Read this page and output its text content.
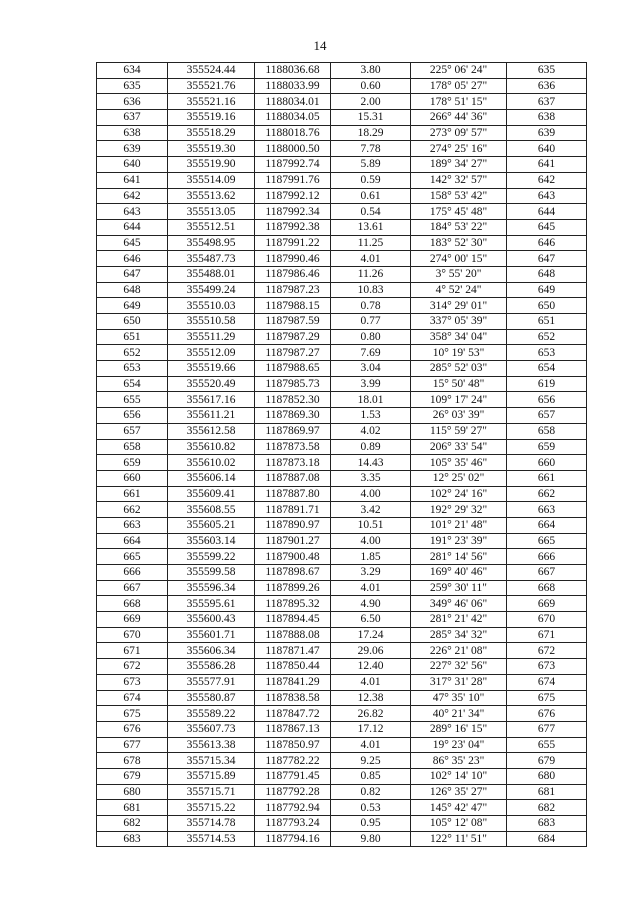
14
634	355524.44	1188036.68	3.80	225° 06' 24"	635
635	355521.76	1188033.99	0.60	178° 05' 27"	636
636	355521.16	1188034.01	2.00	178° 51' 15"	637
637	355519.16	1188034.05	15.31	266° 44' 36"	638
638	355518.29	1188018.76	18.29	273° 09' 57"	639
639	355519.30	1188000.50	7.78	274° 25' 16"	640
640	355519.90	1187992.74	5.89	189° 34' 27"	641
641	355514.09	1187991.76	0.59	142° 32' 57"	642
642	355513.62	1187992.12	0.61	158° 53' 42"	643
643	355513.05	1187992.34	0.54	175° 45' 48"	644
644	355512.51	1187992.38	13.61	184° 53' 22"	645
645	355498.95	1187991.22	11.25	183° 52' 30"	646
646	355487.73	1187990.46	4.01	274° 00' 15"	647
647	355488.01	1187986.46	11.26	3° 55' 20"	648
648	355499.24	1187987.23	10.83	4° 52' 24"	649
649	355510.03	1187988.15	0.78	314° 29' 01"	650
650	355510.58	1187987.59	0.77	337° 05' 39"	651
651	355511.29	1187987.29	0.80	358° 34' 04"	652
652	355512.09	1187987.27	7.69	10° 19' 53"	653
653	355519.66	1187988.65	3.04	285° 52' 03"	654
654	355520.49	1187985.73	3.99	15° 50' 48"	619
655	355617.16	1187852.30	18.01	109° 17' 24"	656
656	355611.21	1187869.30	1.53	26° 03' 39"	657
657	355612.58	1187869.97	4.02	115° 59' 27"	658
658	355610.82	1187873.58	0.89	206° 33' 54"	659
659	355610.02	1187873.18	14.43	105° 35' 46"	660
660	355606.14	1187887.08	3.35	12° 25' 02"	661
661	355609.41	1187887.80	4.00	102° 24' 16"	662
662	355608.55	1187891.71	3.42	192° 29' 32"	663
663	355605.21	1187890.97	10.51	101° 21' 48"	664
664	355603.14	1187901.27	4.00	191° 23' 39"	665
665	355599.22	1187900.48	1.85	281° 14' 56"	666
666	355599.58	1187898.67	3.29	169° 40' 46"	667
667	355596.34	1187899.26	4.01	259° 30' 11"	668
668	355595.61	1187895.32	4.90	349° 46' 06"	669
669	355600.43	1187894.45	6.50	281° 21' 42"	670
670	355601.71	1187888.08	17.24	285° 34' 32"	671
671	355606.34	1187871.47	29.06	226° 21' 08"	672
672	355586.28	1187850.44	12.40	227° 32' 56"	673
673	355577.91	1187841.29	4.01	317° 31' 28"	674
674	355580.87	1187838.58	12.38	47° 35' 10"	675
675	355589.22	1187847.72	26.82	40° 21' 34"	676
676	355607.73	1187867.13	17.12	289° 16' 15"	677
677	355613.38	1187850.97	4.01	19° 23' 04"	655
678	355715.34	1187782.22	9.25	86° 35' 23"	679
679	355715.89	1187791.45	0.85	102° 14' 10"	680
680	355715.71	1187792.28	0.82	126° 35' 27"	681
681	355715.22	1187792.94	0.53	145° 42' 47"	682
682	355714.78	1187793.24	0.95	105° 12' 08"	683
683	355714.53	1187794.16	9.80	122° 11' 51"	684
